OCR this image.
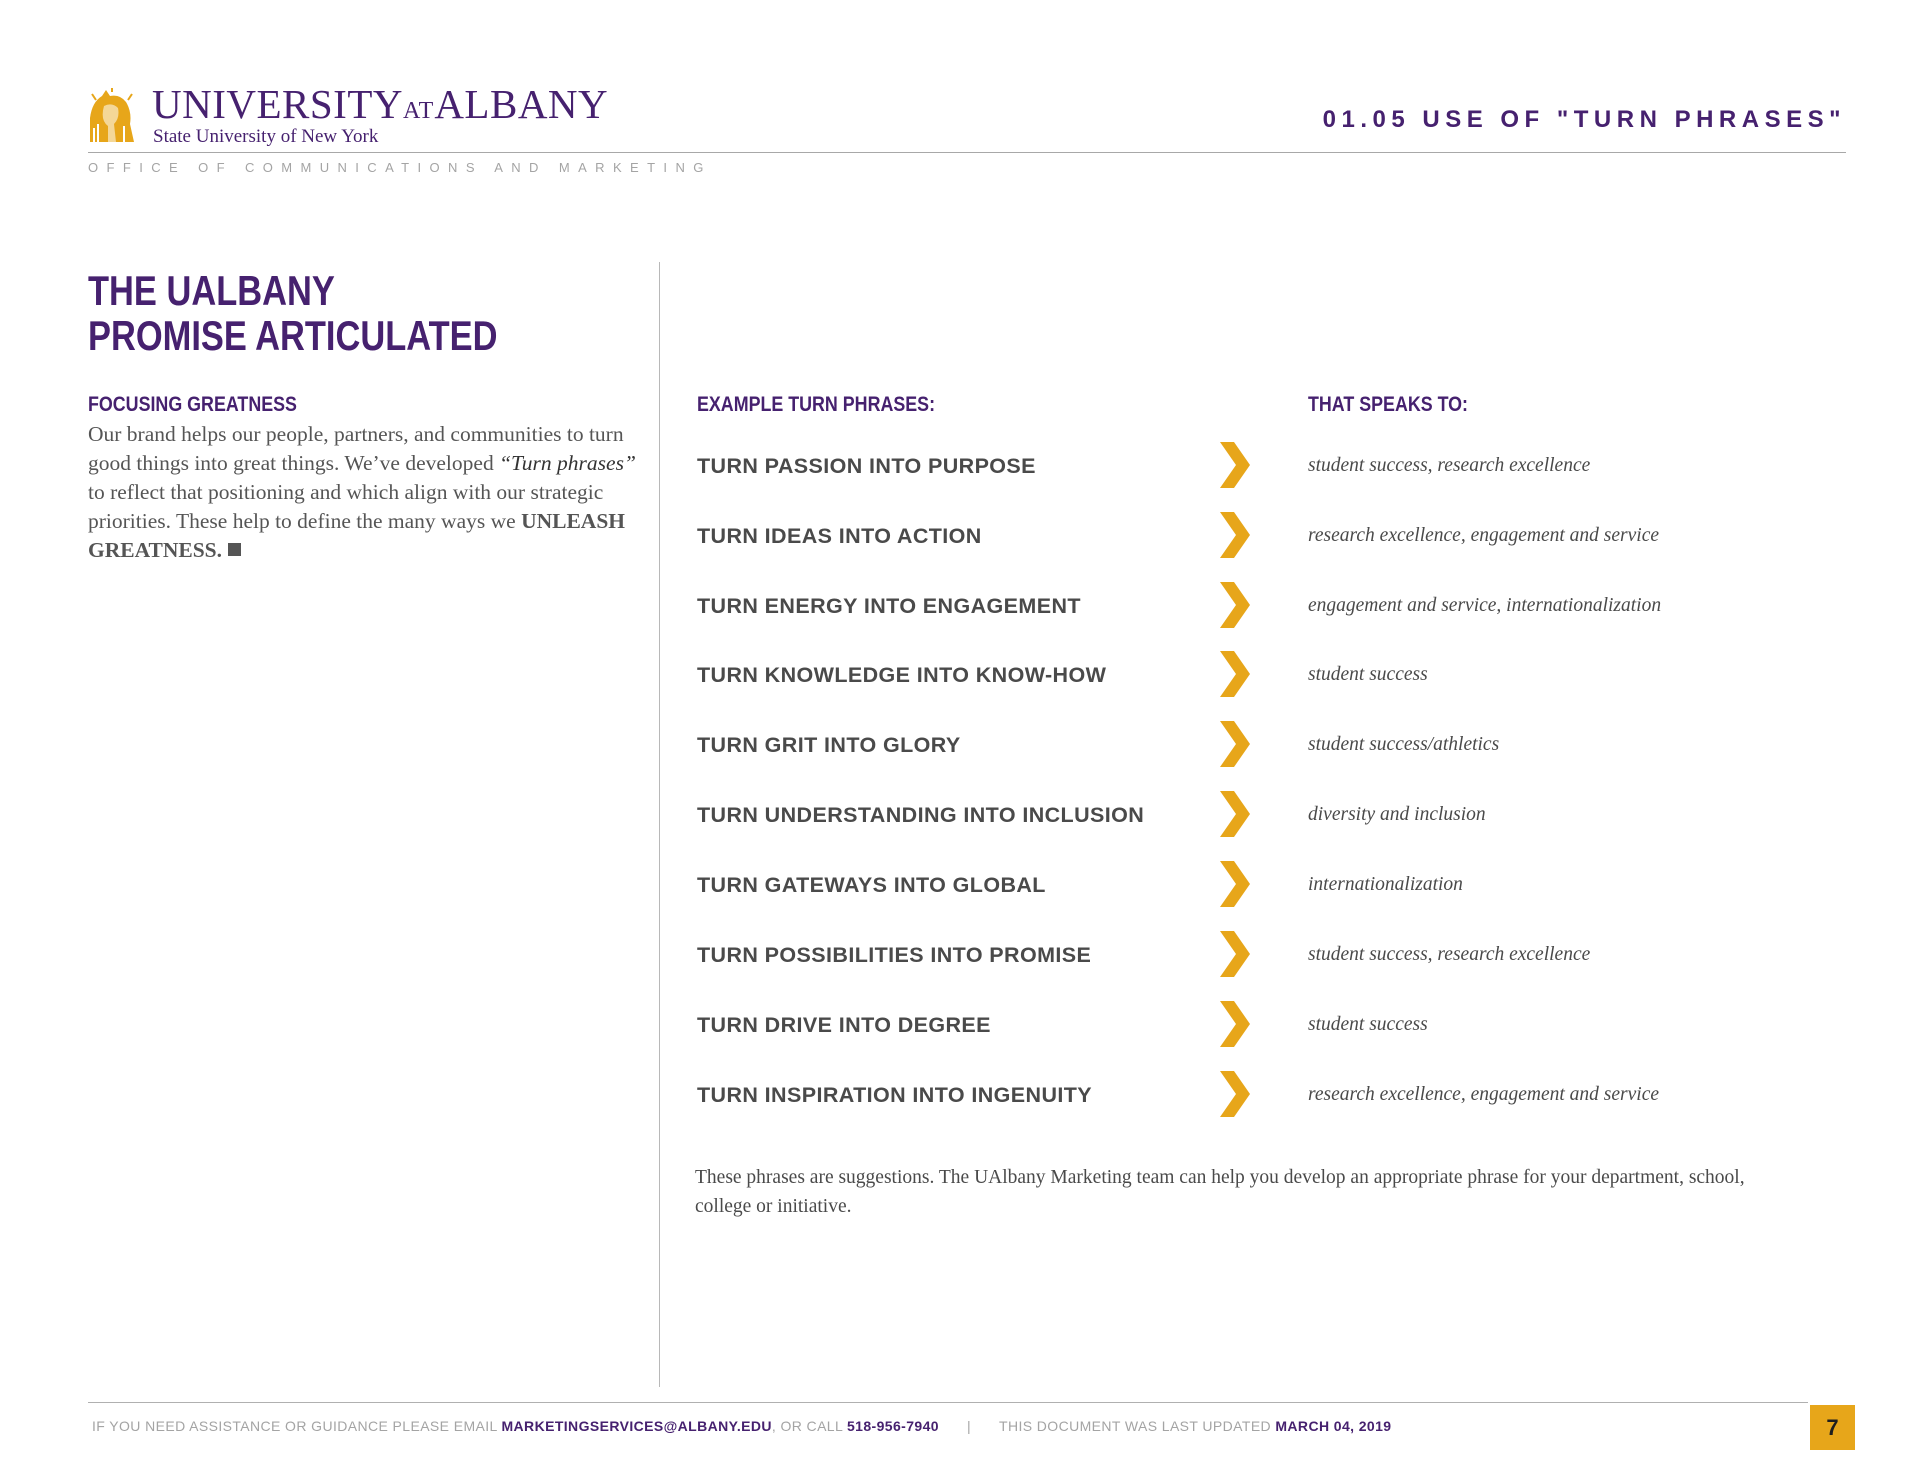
UNIVERSITYATALBANY
State University of New York
OFFICE OF COMMUNICATIONS AND MARKETING
01.05 USE OF "TURN PHRASES"
THE UALBANY
PROMISE ARTICULATED
FOCUSING GREATNESS
Our brand helps our people, partners, and communities to turn good things into great things. We’ve developed “Turn phrases” to reflect that positioning and which align with our strategic priorities. These help to define the many ways we UNLEASH GREATNESS.
EXAMPLE TURN PHRASES:	THAT SPEAKS TO:
TURN PASSION INTO PURPOSE	student success, research excellence
TURN IDEAS INTO ACTION	research excellence, engagement and service
TURN ENERGY INTO ENGAGEMENT	engagement and service, internationalization
TURN KNOWLEDGE INTO KNOW-HOW	student success
TURN GRIT INTO GLORY	student success/athletics
TURN UNDERSTANDING INTO INCLUSION	diversity and inclusion
TURN GATEWAYS INTO GLOBAL	internationalization
TURN POSSIBILITIES INTO PROMISE	student success, research excellence
TURN DRIVE INTO DEGREE	student success
TURN INSPIRATION INTO INGENUITY	research excellence, engagement and service
These phrases are suggestions. The UAlbany Marketing team can help you develop an appropriate phrase for your department, school, college or initiative.
IF YOU NEED ASSISTANCE OR GUIDANCE PLEASE EMAIL MARKETINGSERVICES@ALBANY.EDU, OR CALL 518-956-7940 | THIS DOCUMENT WAS LAST UPDATED MARCH 04, 2019	7
